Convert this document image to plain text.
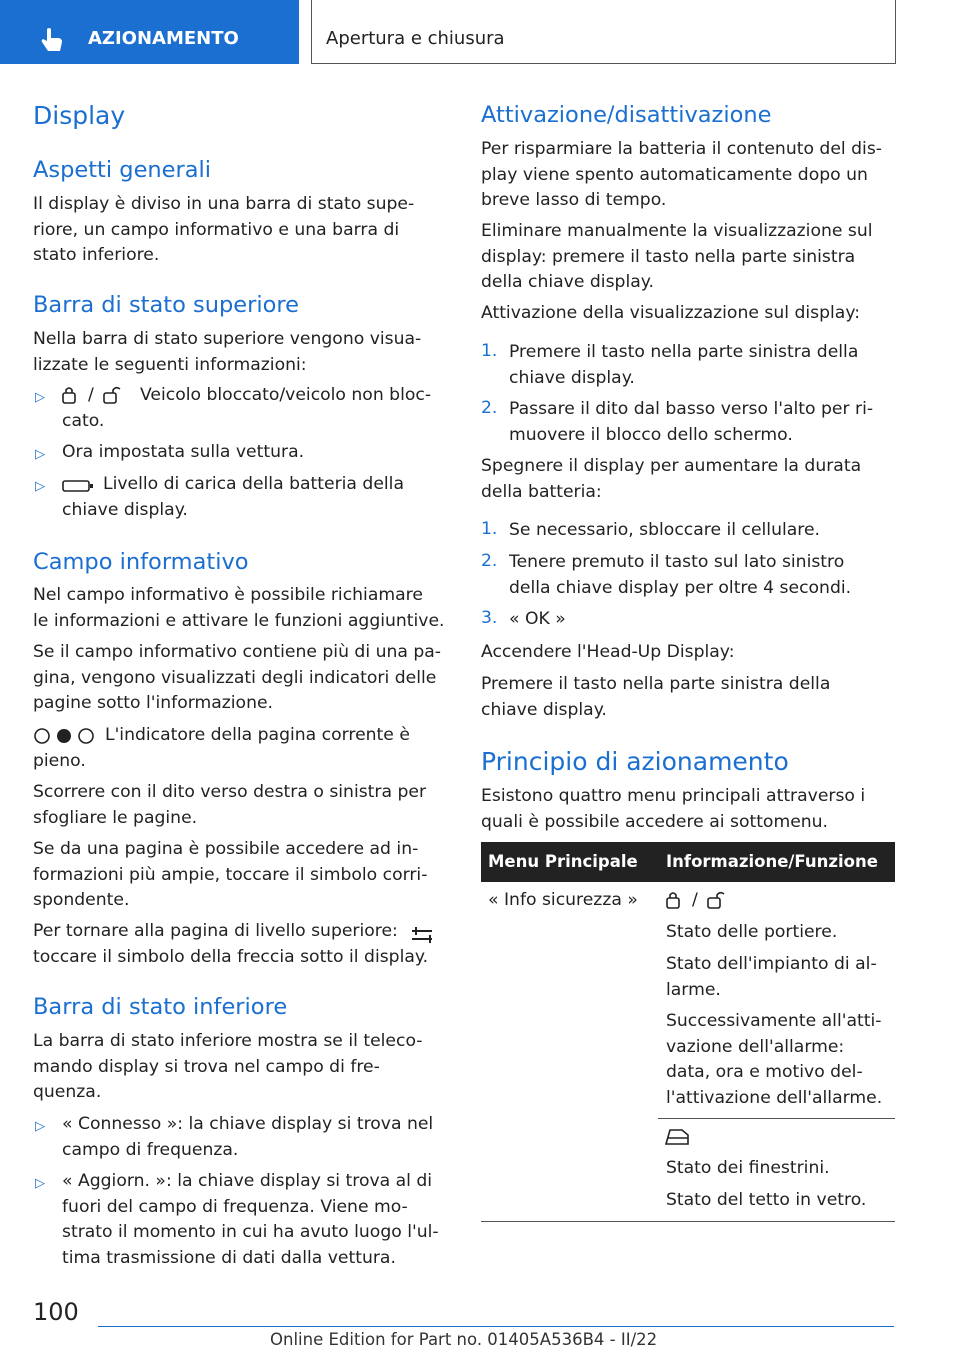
AZIONAMENTO	Apertura e chiusura
Display
Aspetti generali
Il display è diviso in una barra di stato supe-
riore, un campo informativo e una barra di
stato inferiore.
Barra di stato superiore
Nella barra di stato superiore vengono visua-
lizzate le seguenti informazioni:
▷	/	Veicolo bloccato/veicolo non bloc-
cato.
▷ Ora impostata sulla vettura.
▷	Livello di carica della batteria della
chiave display.
Campo informativo
Nel campo informativo è possibile richiamare
le informazioni e attivare le funzioni aggiuntive.
Se il campo informativo contiene più di una pa-
gina, vengono visualizzati degli indicatori delle
pagine sotto l'informazione.
L'indicatore della pagina corrente è
pieno.
Scorrere con il dito verso destra o sinistra per
sfogliare le pagine.
Se da una pagina è possibile accedere ad in-
formazioni più ampie, toccare il simbolo corri-
spondente.
Per tornare alla pagina di livello superiore:
toccare il simbolo della freccia sotto il display.
Barra di stato inferiore
La barra di stato inferiore mostra se il teleco-
mando display si trova nel campo di fre-
quenza.
▷ « Connesso »: la chiave display si trova nel
campo di frequenza.
▷ « Aggiorn. »: la chiave display si trova al di
fuori del campo di frequenza. Viene mo-
strato il momento in cui ha avuto luogo l'ul-
tima trasmissione di dati dalla vettura.
Attivazione/disattivazione
Per risparmiare la batteria il contenuto del dis-
play viene spento automaticamente dopo un
breve lasso di tempo.
Eliminare manualmente la visualizzazione sul
display: premere il tasto nella parte sinistra
della chiave display.
Attivazione della visualizzazione sul display:
1. Premere il tasto nella parte sinistra della
chiave display.
2. Passare il dito dal basso verso l'alto per ri-
muovere il blocco dello schermo.
Spegnere il display per aumentare la durata
della batteria:
1. Se necessario, sbloccare il cellulare.
2. Tenere premuto il tasto sul lato sinistro
della chiave display per oltre 4 secondi.
3. « OK »
Accendere l'Head-Up Display:
Premere il tasto nella parte sinistra della
chiave display.
Principio di azionamento
Esistono quattro menu principali attraverso i
quali è possibile accedere ai sottomenu.
Menu Principale Informazione/Funzione
« Info sicurezza »	/
Stato delle portiere.
Stato dell'impianto di al-
larme.
Successivamente all'atti-
vazione dell'allarme:
data, ora e motivo del-
l'attivazione dell'allarme.
Stato dei finestrini.
Stato del tetto in vetro.
100
Online Edition for Part no. 01405A536B4 - II/22
